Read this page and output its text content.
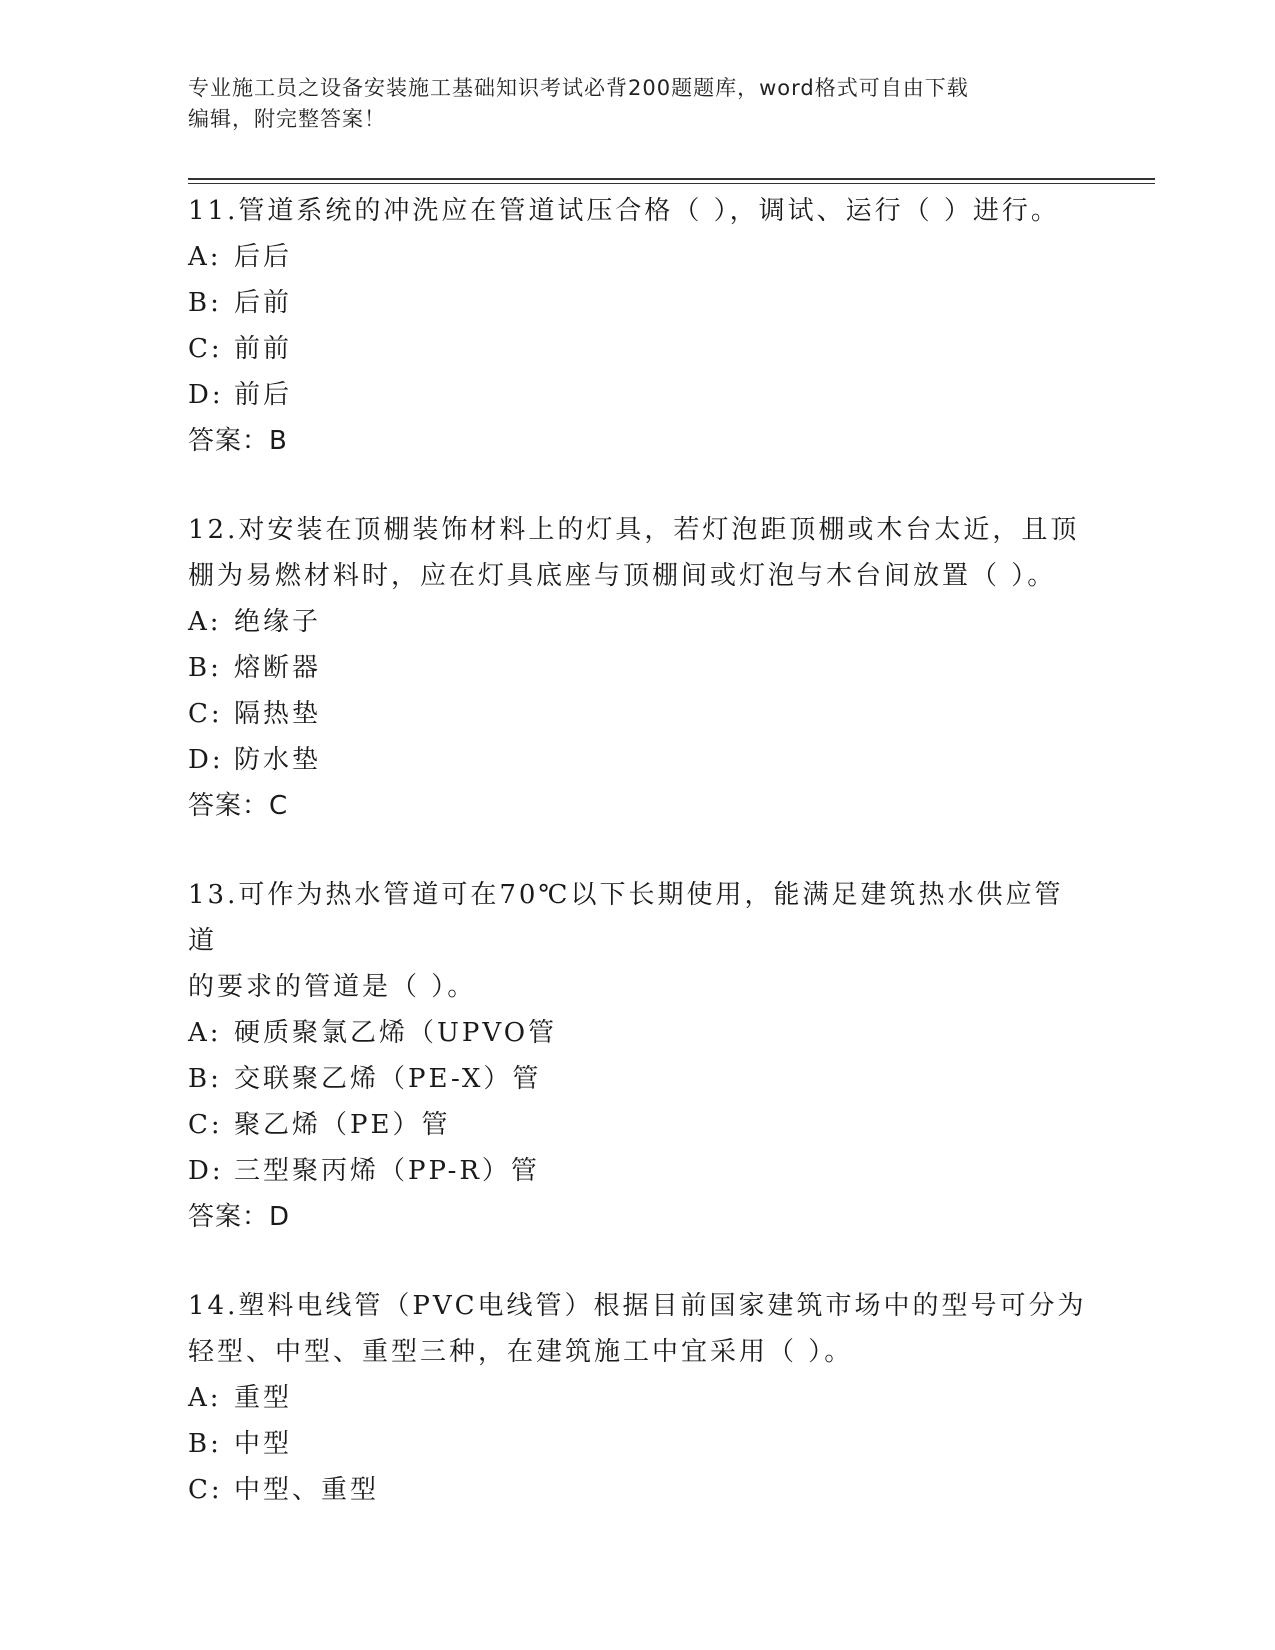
专业施工员之设备安装施工基础知识考试必背200题题库，word格式可自由下载
编辑，附完整答案！
11.管道系统的冲洗应在管道试压合格（ ），调试、运行（ ）进行。
A: 后后
B: 后前
C: 前前
D: 前后
答案：B
12.对安装在顶棚装饰材料上的灯具，若灯泡距顶棚或木台太近，且顶
棚为易燃材料时，应在灯具底座与顶棚间或灯泡与木台间放置（ ）。
A: 绝缘子
B: 熔断器
C: 隔热垫
D: 防水垫
答案：C
13.可作为热水管道可在70℃以下长期使用，能满足建筑热水供应管道
的要求的管道是（ ）。
A: 硬质聚氯乙烯（UPVO管
B: 交联聚乙烯（PE-X）管
C: 聚乙烯（PE）管
D: 三型聚丙烯（PP-R）管
答案：D
14.塑料电线管（PVC电线管）根据目前国家建筑市场中的型号可分为
轻型、中型、重型三种，在建筑施工中宜采用（ ）。
A: 重型
B: 中型
C: 中型、重型
